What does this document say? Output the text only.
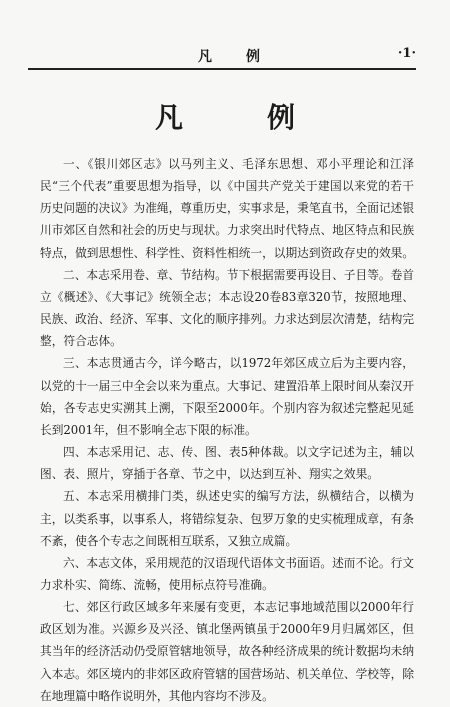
凡　例	·1·
凡　例

一、《银川郊区志》以马列主义、毛泽东思想、邓小平理论和江泽民“三个代表”重要思想为指导，以《中国共产党关于建国以来党的若干历史问题的决议》为准绳，尊重历史，实事求是，秉笔直书，全面记述银川市郊区自然和社会的历史与现状。力求突出时代特点、地区特点和民族特点，做到思想性、科学性、资料性相统一，以期达到资政存史的效果。

二、本志采用卷、章、节结构。节下根据需要再设目、子目等。卷首立《概述》、《大事记》统领全志；本志设20卷83章320节，按照地理、民族、政治、经济、军事、文化的顺序排列。力求达到层次清楚，结构完整，符合志体。

三、本志贯通古今，详今略古，以1972年郊区成立后为主要内容，以党的十一届三中全会以来为重点。大事记、建置沿革上限时间从秦汉开始，各专志史实溯其上溯，下限至2000年。个别内容为叙述完整起见延长到2001年，但不影响全志下限的标准。

四、本志采用记、志、传、图、表5种体裁。以文字记述为主，辅以图、表、照片，穿插于各章、节之中，以达到互补、翔实之效果。

五、本志采用横排门类，纵述史实的编写方法，纵横结合，以横为主，以类系事，以事系人，将错综复杂、包罗万象的史实梳理成章，有条不紊，使各个专志之间既相互联系，又独立成篇。

六、本志文体，采用规范的汉语现代语体文书面语。述而不论。行文力求朴实、简练、流畅，使用标点符号准确。

七、郊区行政区域多年来屡有变更，本志记事地域范围以2000年行政区划为准。兴源乡及兴泾、镇北堡两镇虽于2000年9月归属郊区，但其当年的经济活动仍受原管辖地领导，故各种经济成果的统计数据均未纳入本志。郊区境内的非郊区政府管辖的国营场站、机关单位、学校等，除在地理篇中略作说明外，其他内容均不涉及。
